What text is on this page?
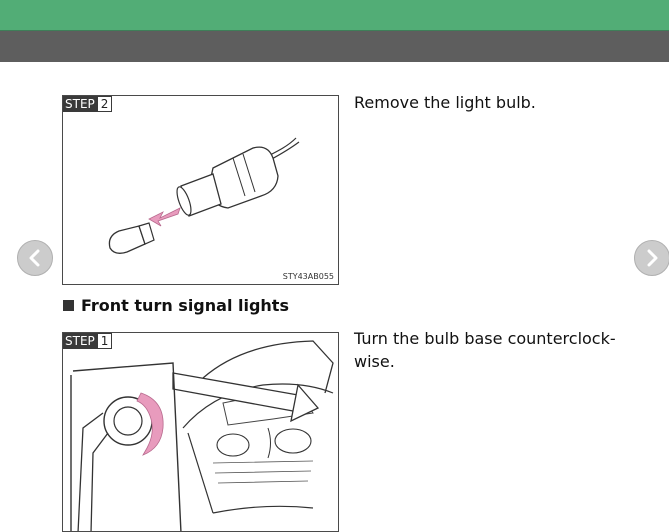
STEP 2
STY43AB055

Remove the light bulb.

Front turn signal lights
STEP 1	Turn the bulb base counterclock-wise.
